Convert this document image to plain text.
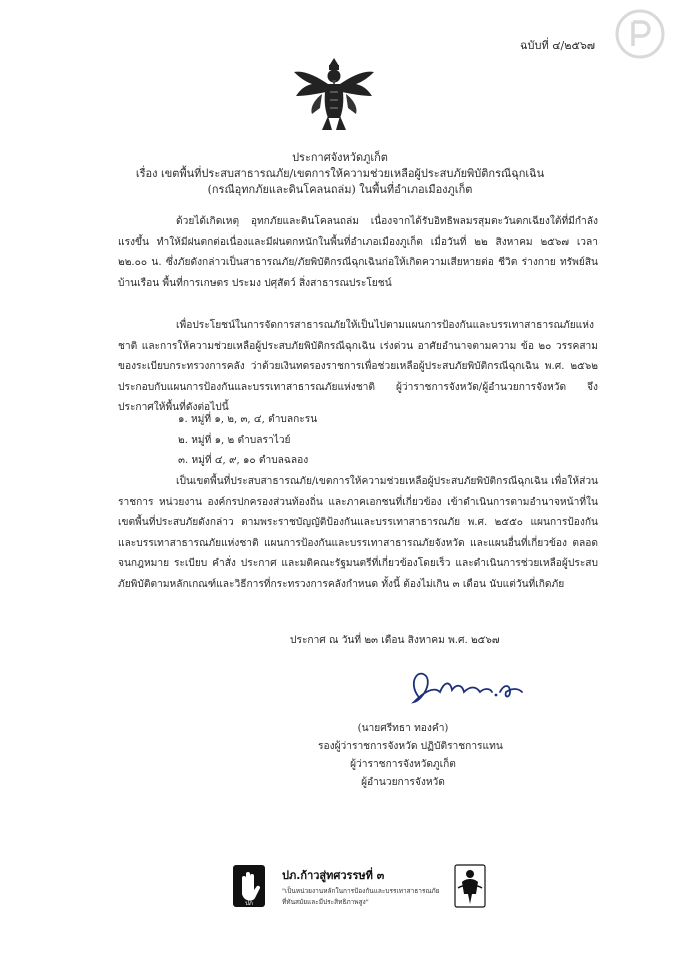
ฉบับที่ ๔/๒๕๖๗
ประกาศจังหวัดภูเก็ต
เรื่อง เขตพื้นที่ประสบสาธารณภัย/เขตการให้ความช่วยเหลือผู้ประสบภัยพิบัติกรณีฉุกเฉิน
(กรณีอุทกภัยและดินโคลนถล่ม) ในพื้นที่อำเภอเมืองภูเก็ต

ด้วยได้เกิดเหตุ อุทกภัยและดินโคลนถล่ม เนื่องจากได้รับอิทธิพลมรสุมตะวันตกเฉียงใต้ที่มีกำลังแรงขึ้น ทำให้มีฝนตกต่อเนื่องและมีฝนตกหนักในพื้นที่อำเภอเมืองภูเก็ต เมื่อวันที่ ๒๒ สิงหาคม ๒๕๖๗ เวลา ๒๒.๐๐ น. ซึ่งภัยดังกล่าวเป็นสาธารณภัย/ภัยพิบัติกรณีฉุกเฉินก่อให้เกิดความเสียหายต่อ ชีวิต ร่างกาย ทรัพย์สิน บ้านเรือน พื้นที่การเกษตร ประมง ปศุสัตว์ สิ่งสาธารณประโยชน์

เพื่อประโยชน์ในการจัดการสาธารณภัยให้เป็นไปตามแผนการป้องกันและบรรเทาสาธารณภัยแห่งชาติ และการให้ความช่วยเหลือผู้ประสบภัยพิบัติกรณีฉุกเฉิน เร่งด่วน อาศัยอำนาจตามความ ข้อ ๒๐ วรรคสาม ของระเบียบกระทรวงการคลัง ว่าด้วยเงินทดรองราชการเพื่อช่วยเหลือผู้ประสบภัยพิบัติกรณีฉุกเฉิน พ.ศ. ๒๕๖๒ ประกอบกับแผนการป้องกันและบรรเทาสาธารณภัยแห่งชาติ ผู้ว่าราชการจังหวัด/ผู้อำนวยการจังหวัด จึงประกาศให้พื้นที่ดังต่อไปนี้

๑. หมู่ที่ ๑, ๒, ๓, ๔, ตำบลกะรน
๒. หมู่ที่ ๑, ๒ ตำบลราไวย์
๓. หมู่ที่ ๔, ๙, ๑๐ ตำบลฉลอง

เป็นเขตพื้นที่ประสบสาธารณภัย/เขตการให้ความช่วยเหลือผู้ประสบภัยพิบัติกรณีฉุกเฉิน เพื่อให้ส่วนราชการ หน่วยงาน องค์กรปกครองส่วนท้องถิ่น และภาคเอกชนที่เกี่ยวข้อง เข้าดำเนินการตามอำนาจหน้าที่ในเขตพื้นที่ประสบภัยดังกล่าว ตามพระราชบัญญัติป้องกันและบรรเทาสาธารณภัย พ.ศ. ๒๕๕๐ แผนการป้องกันและบรรเทาสาธารณภัยแห่งชาติ แผนการป้องกันและบรรเทาสาธารณภัยจังหวัด และแผนอื่นที่เกี่ยวข้อง ตลอดจนกฎหมาย ระเบียบ คำสั่ง ประกาศ และมติคณะรัฐมนตรีที่เกี่ยวข้องโดยเร็ว และดำเนินการช่วยเหลือผู้ประสบภัยพิบัติตามหลักเกณฑ์และวิธีการที่กระทรวงการคลังกำหนด ทั้งนี้ ต้องไม่เกิน ๓ เดือน นับแต่วันที่เกิดภัย

ประกาศ ณ วันที่ ๒๓ เดือน สิงหาคม พ.ศ. ๒๕๖๗
(นายศรีทธา ทองคำ)
รองผู้ว่าราชการจังหวัด ปฏิบัติราชการแทน
ผู้ว่าราชการจังหวัดภูเก็ต
ผู้อำนวยการจังหวัด
ปภ
ปภ.ก้าวสู่ทศวรรษที่ ๓
"เป็นหน่วยงานหลักในการป้องกันและบรรเทาสาธารณภัย
ที่ทันสมัยและมีประสิทธิภาพสูง"
